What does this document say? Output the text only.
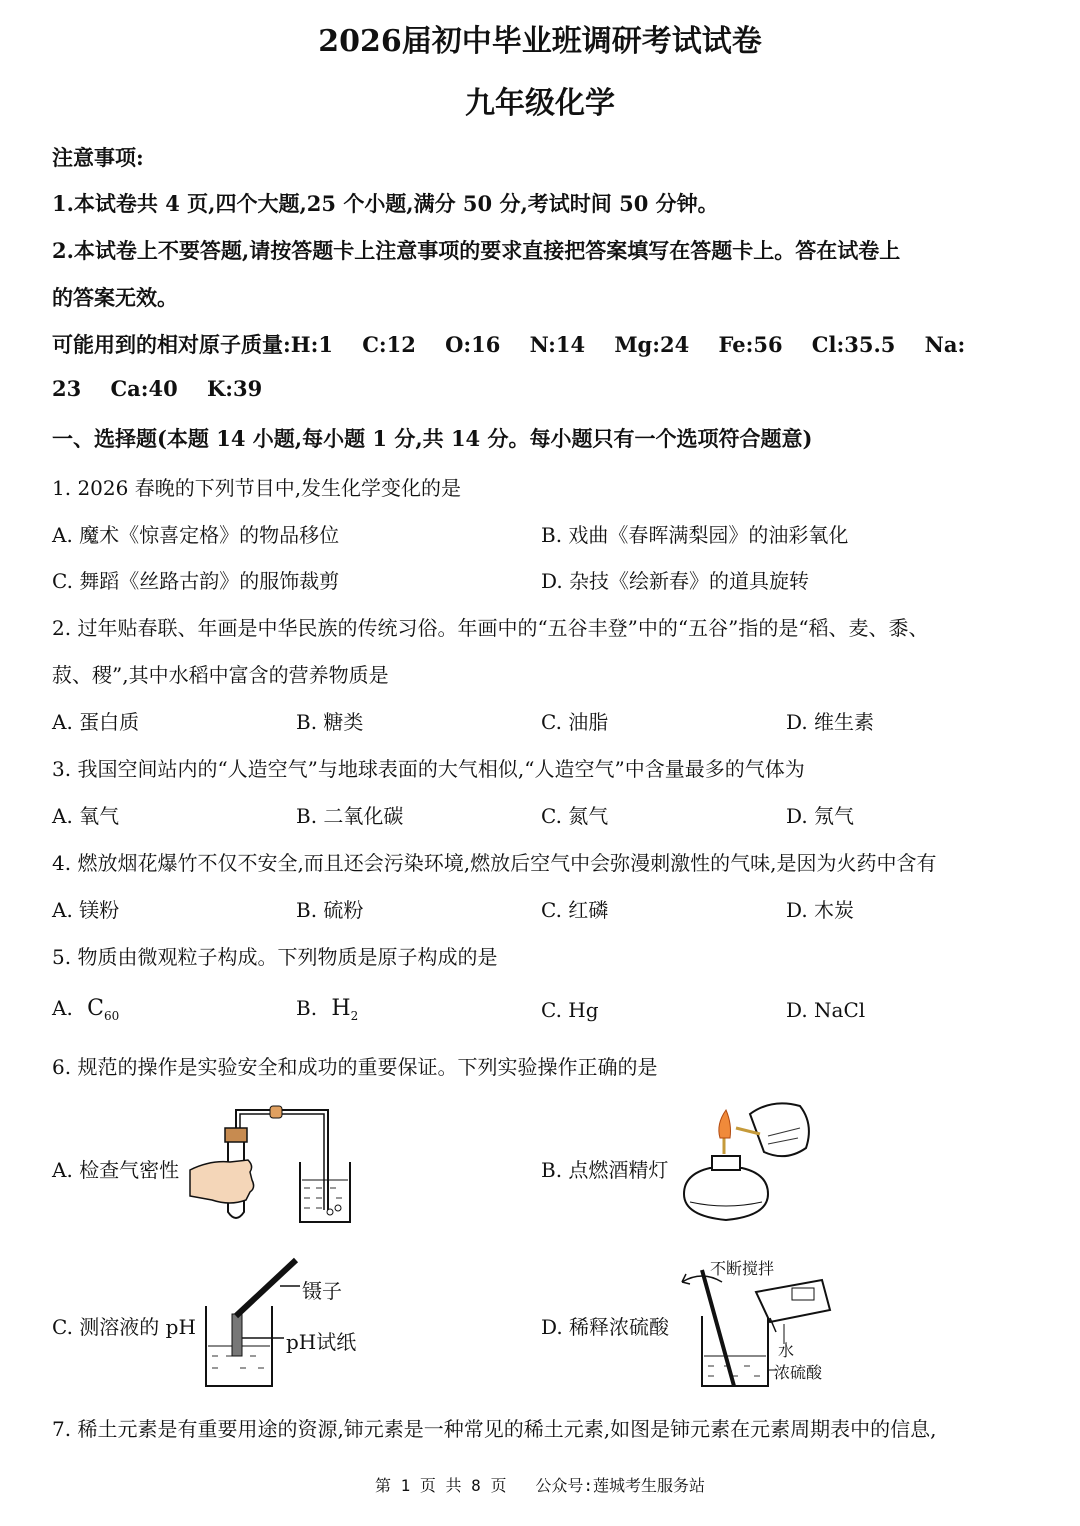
2026届初中毕业班调研考试试卷
九年级化学
注意事项:
1.本试卷共 4 页,四个大题,25 个小题,满分 50 分,考试时间 50 分钟。
2.本试卷上不要答题,请按答题卡上注意事项的要求直接把答案填写在答题卡上。答在试卷上
的答案无效。
可能用到的相对原子质量:H:1    C:12    O:16    N:14    Mg:24    Fe:56    Cl:35.5    Na:
23    Ca:40    K:39
一、选择题(本题 14 小题,每小题 1 分,共 14 分。每小题只有一个选项符合题意)
1. 2026 春晚的下列节目中,发生化学变化的是
A. 魔术《惊喜定格》的物品移位	B. 戏曲《春晖满梨园》的油彩氧化
C. 舞蹈《丝路古韵》的服饰裁剪	D. 杂技《绘新春》的道具旋转
2. 过年贴春联、年画是中华民族的传统习俗。年画中的“五谷丰登”中的“五谷”指的是“稻、麦、黍、
菽、稷”,其中水稻中富含的营养物质是
A. 蛋白质	B. 糖类	C. 油脂	D. 维生素
3. 我国空间站内的“人造空气”与地球表面的大气相似,“人造空气”中含量最多的气体为
A. 氧气	B. 二氧化碳	C. 氮气	D. 氖气
4. 燃放烟花爆竹不仅不安全,而且还会污染环境,燃放后空气中会弥漫刺激性的气味,是因为火药中含有
A. 镁粉	B. 硫粉	C. 红磷	D. 木炭
5. 物质由微观粒子构成。下列物质是原子构成的是
A. $C_{60}$	B. $H_2$	C. Hg	D. NaCl
6. 规范的操作是实验安全和成功的重要保证。下列实验操作正确的是
A. 检查气密性	B. 点燃酒精灯
C. 测溶液的 pH
镊子
pH试纸
D. 稀释浓硫酸
不断搅拌
水
浓硫酸
7. 稀土元素是有重要用途的资源,铈元素是一种常见的稀土元素,如图是铈元素在元素周期表中的信息,
第 1 页 共 8 页   公众号:莲城考生服务站
